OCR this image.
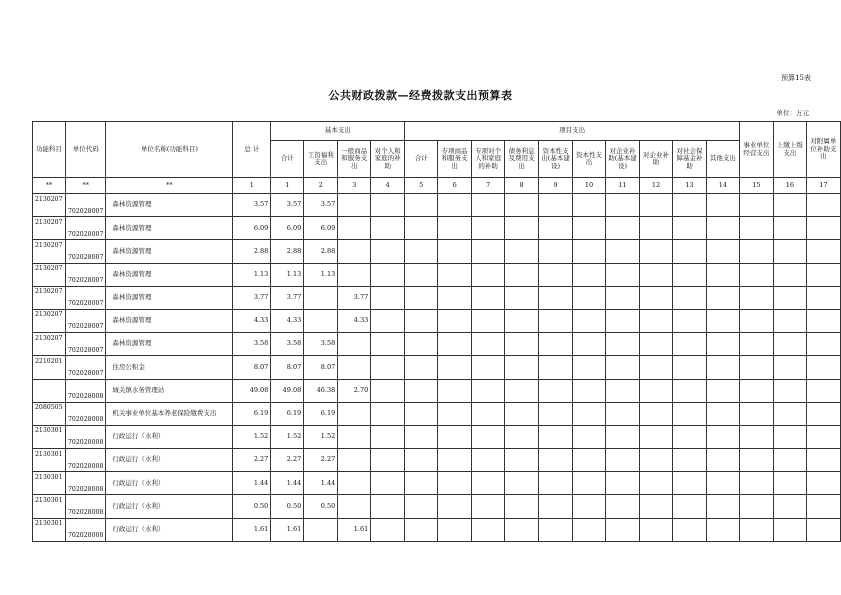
预算15表
公共财政拨款—经费拨款支出预算表
单位：万元
功能科目	单位代码	单位名称(功能科目)	总 计	基本支出				项目支出										事业单位经营支出	上缴上级支出	对附属单位补助支出
				合计	工资福利支出	一般商品和服务支出	对个人和家庭的补助	合计	专项商品和服务支出	专项对个人和家庭的补助	债务利息及费用支出	资本性支出(基本建设)	资本性支出	对企业补助(基本建设)	对企业补助	对社会保障基金补助	其他支出			
**	**	**	1	1	2	3	4	5	6	7	8	9	10	11	12	13	14	15	16	17

2130207	702028007	森林资源管理	3.57	3.57	3.57															

2130207	702028007	森林资源管理	6.09	6.09	6.09															

2130207	702028007	森林资源管理	2.88	2.88	2.88															

2130207	702028007	森林资源管理	1.13	1.13	1.13															

2130207	702028007	森林资源管理	3.77	3.77		3.77														

2130207	702028007	森林资源管理	4.33	4.33		4.33														

2130207	702028007	森林资源管理	3.58	3.58	3.58															

2210201	702028007	住房公积金	8.07	8.07	8.07															

	702028008	城关镇水务管理站	49.08	49.08	46.38	2.70														

2080505	702028008	机关事业单位基本养老保险缴费支出	6.19	6.19	6.19															

2130301	702028008	行政运行（水利）	1.52	1.52	1.52															

2130301	702028008	行政运行（水利）	2.27	2.27	2.27															

2130301	702028008	行政运行（水利）	1.44	1.44	1.44															

2130301	702028008	行政运行（水利）	0.50	0.50	0.50															

2130301	702028008	行政运行（水利）	1.61	1.61		1.61														
